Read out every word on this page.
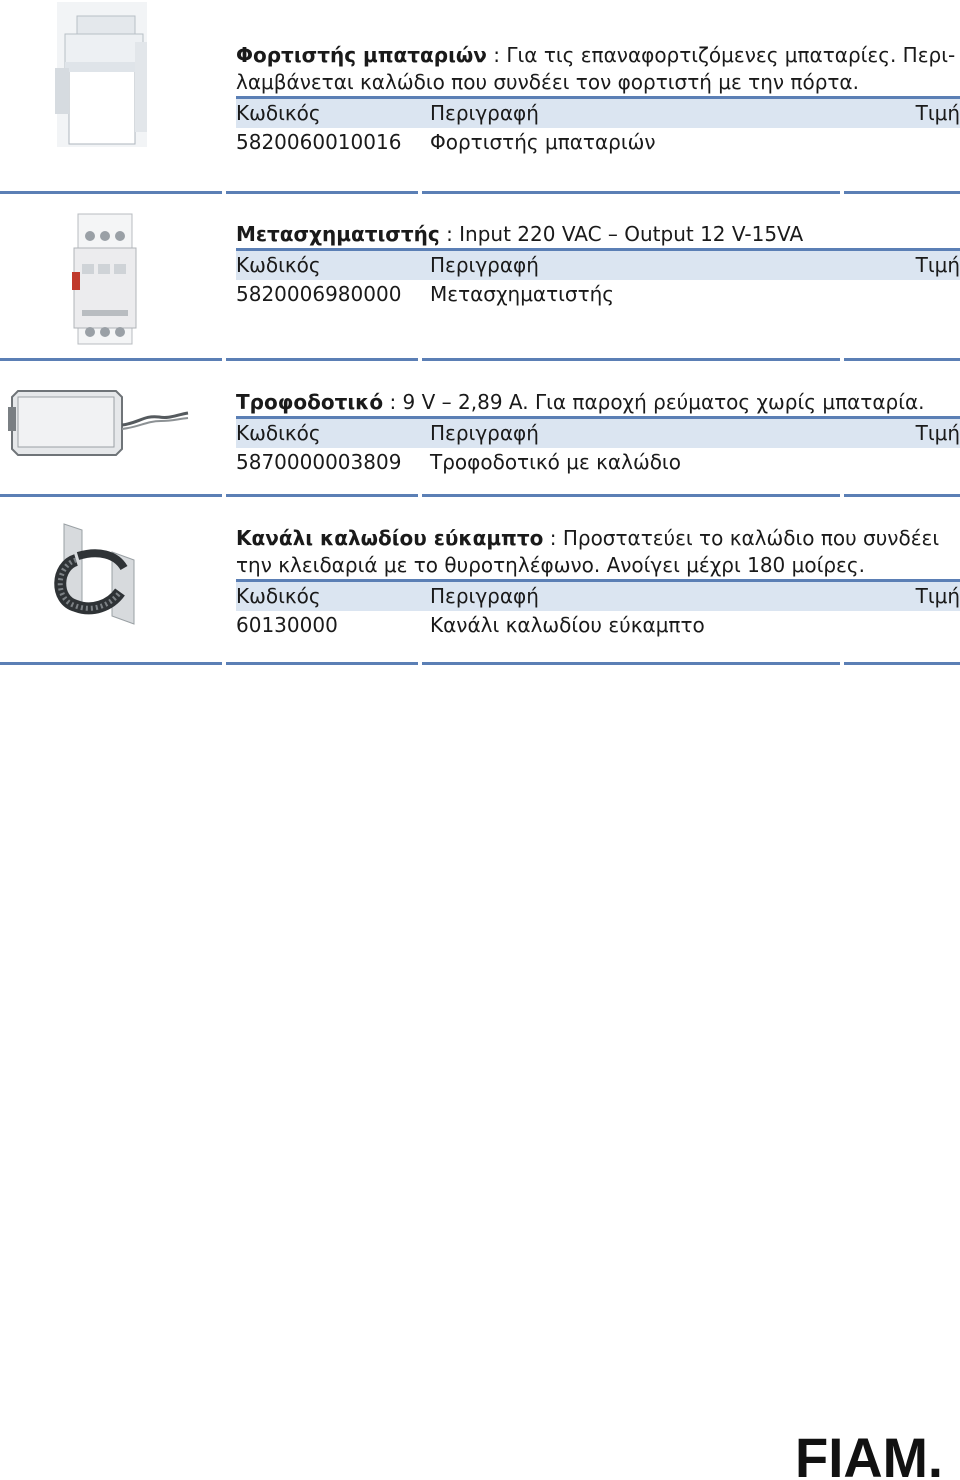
Φορτιστής μπαταριών : Για τις επαναφορτιζόμενες μπαταρίες. Περι-

λαμβάνεται καλώδιο που συνδέει τον φορτιστή με την πόρτα.

Κωδικός	Περιγραφή	Τιμή
5820060010016 Φορτιστής μπαταριών

Μετασχηματιστής : Input 220 VAC – Output 12 V-15VA

Κωδικός	Περιγραφή	Τιμή
5820006980000 Μετασχηματιστής

Τροφοδοτικό : 9 V – 2,89 A. Για παροχή ρεύματος χωρίς μπαταρία.

Κωδικός	Περιγραφή	Τιμή
5870000003809 Τροφοδοτικό με καλώδιο

Κανάλι καλωδίου εύκαμπτο : Προστατεύει το καλώδιο που συνδέει

την κλειδαριά με το θυροτηλέφωνο. Ανοίγει μέχρι 180 μοίρες.

Κωδικός	Περιγραφή	Τιμή
60130000	Κανάλι καλωδίου εύκαμπτο
FIAM.
